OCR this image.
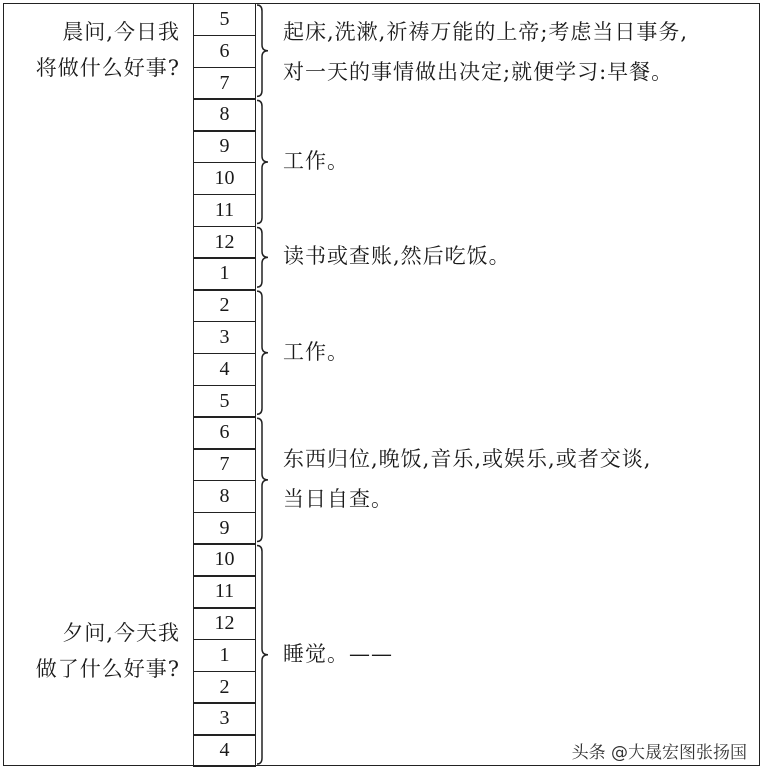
晨问,今日我
将做什么好事?
夕问,今天我
做了什么好事?
5
6
7
8
9
10
11
12
1
2
3
4
5
6
7
8
9
10
11
12
1
2
3
4
起床,洗漱,祈祷万能的上帝;考虑当日事务,
对一天的事情做出决定;就便学习:早餐。
工作。
读书或查账,然后吃饭。
工作。
东西归位,晚饭,音乐,或娱乐,或者交谈,
当日自查。
睡觉。——
头条 @大晟宏图张扬国
